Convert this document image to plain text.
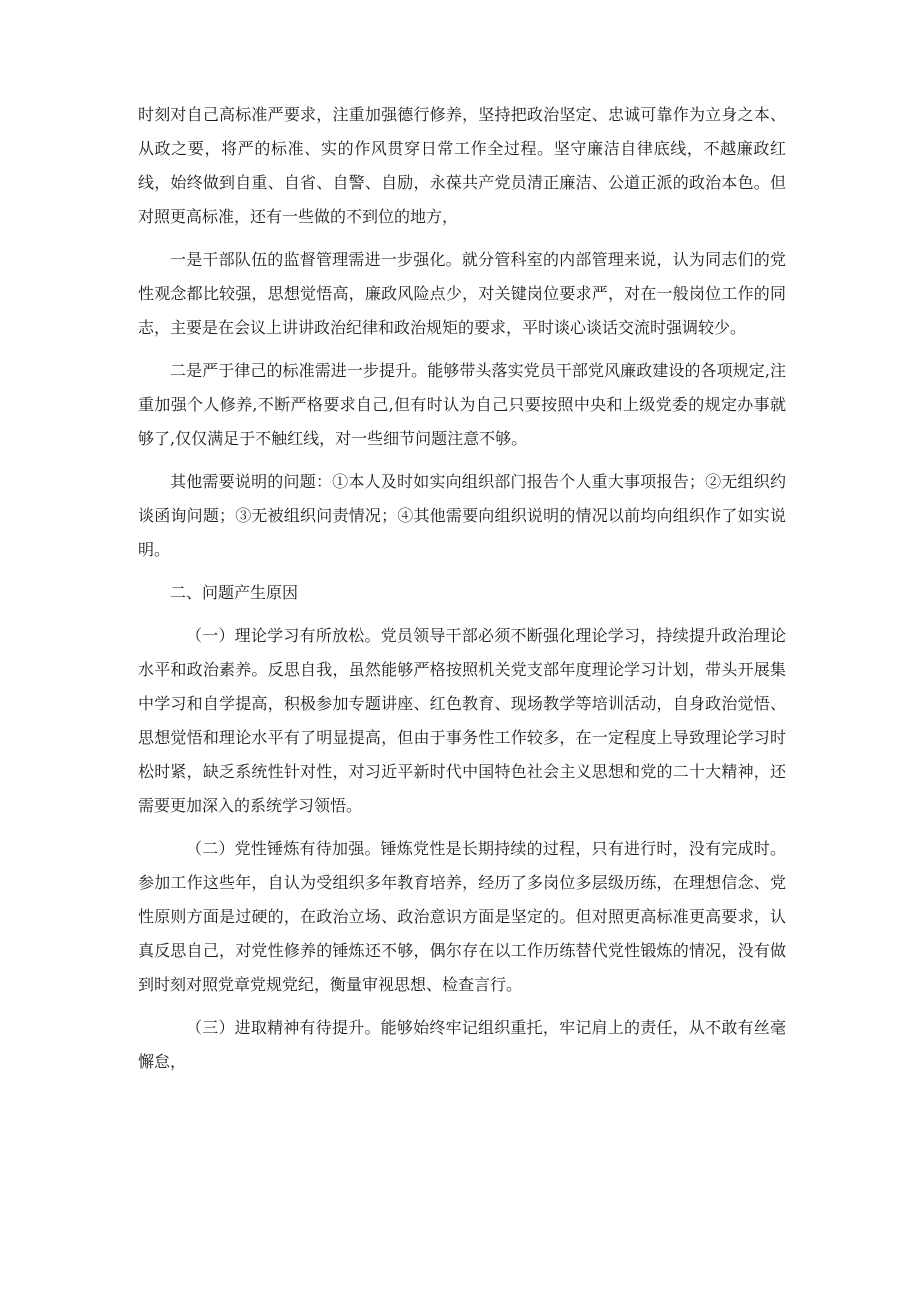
时刻对自己高标准严要求，注重加强德行修养，坚持把政治坚定、忠诚可靠作为立身之本、从政之要，将严的标准、实的作风贯穿日常工作全过程。坚守廉洁自律底线，不越廉政红线，始终做到自重、自省、自警、自励，永葆共产党员清正廉洁、公道正派的政治本色。但对照更高标准，还有一些做的不到位的地方，

一是干部队伍的监督管理需进一步强化。就分管科室的内部管理来说，认为同志们的党性观念都比较强，思想觉悟高，廉政风险点少，对关键岗位要求严，对在一般岗位工作的同志，主要是在会议上讲讲政治纪律和政治规矩的要求，平时谈心谈话交流时强调较少。

二是严于律己的标准需进一步提升。能够带头落实党员干部党风廉政建设的各项规定,注重加强个人修养,不断严格要求自己,但有时认为自己只要按照中央和上级党委的规定办事就够了,仅仅满足于不触红线，对一些细节问题注意不够。

其他需要说明的问题：①本人及时如实向组织部门报告个人重大事项报告；②无组织约谈函询问题；③无被组织问责情况；④其他需要向组织说明的情况以前均向组织作了如实说明。

二、问题产生原因

（一）理论学习有所放松。党员领导干部必须不断强化理论学习，持续提升政治理论水平和政治素养。反思自我，虽然能够严格按照机关党支部年度理论学习计划，带头开展集中学习和自学提高，积极参加专题讲座、红色教育、现场教学等培训活动，自身政治觉悟、思想觉悟和理论水平有了明显提高，但由于事务性工作较多，在一定程度上导致理论学习时松时紧，缺乏系统性针对性，对习近平新时代中国特色社会主义思想和党的二十大精神，还需要更加深入的系统学习领悟。

（二）党性锤炼有待加强。锤炼党性是长期持续的过程，只有进行时，没有完成时。参加工作这些年，自认为受组织多年教育培养，经历了多岗位多层级历练，在理想信念、党性原则方面是过硬的，在政治立场、政治意识方面是坚定的。但对照更高标准更高要求，认真反思自己，对党性修养的锤炼还不够，偶尔存在以工作历练替代党性锻炼的情况，没有做到时刻对照党章党规党纪，衡量审视思想、检查言行。

（三）进取精神有待提升。能够始终牢记组织重托，牢记肩上的责任，从不敢有丝毫懈怠，
